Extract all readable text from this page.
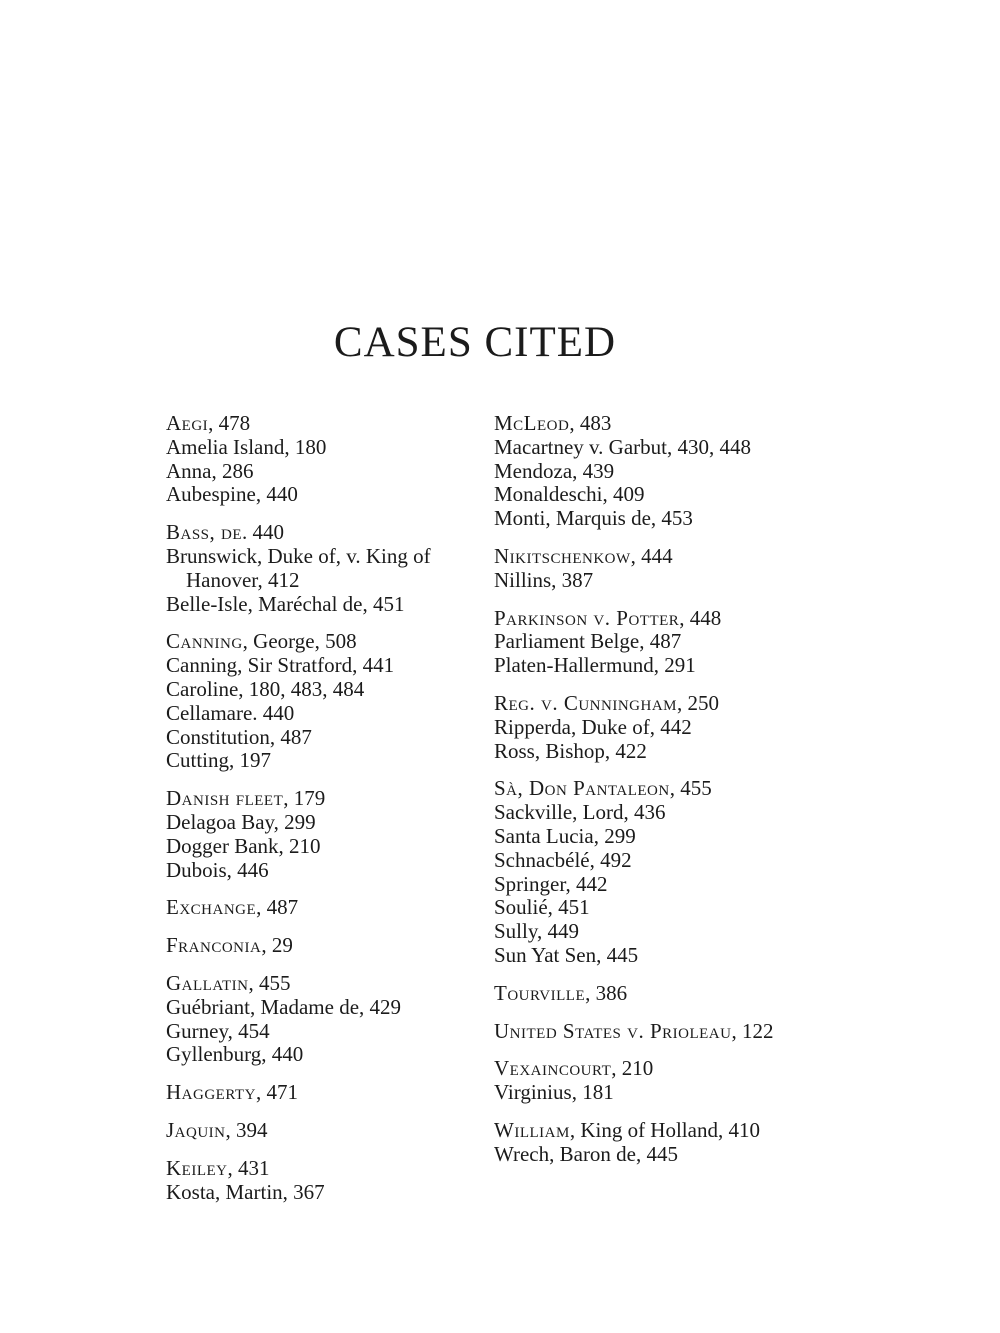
CASES CITED
Aegi, 478
Amelia Island, 180
Anna, 286
Aubespine, 440
Bass, de. 440
Brunswick, Duke of, v. King of Hanover, 412
Belle-Isle, Maréchal de, 451
Canning, George, 508
Canning, Sir Stratford, 441
Caroline, 180, 483, 484
Cellamare. 440
Constitution, 487
Cutting, 197
Danish fleet, 179
Delagoa Bay, 299
Dogger Bank, 210
Dubois, 446
Exchange, 487
Franconia, 29
Gallatin, 455
Guébriant, Madame de, 429
Gurney, 454
Gyllenburg, 440
Haggerty, 471
Jaquin, 394
Keiley, 431
Kosta, Martin, 367
McLeod, 483
Macartney v. Garbut, 430, 448
Mendoza, 439
Monaldeschi, 409
Monti, Marquis de, 453
Nikitschenkow, 444
Nillins, 387
Parkinson v. Potter, 448
Parliament Belge, 487
Platen-Hallermund, 291
Reg. v. Cunningham, 250
Ripperda, Duke of, 442
Ross, Bishop, 422
Sà, Don Pantaleon, 455
Sackville, Lord, 436
Santa Lucia, 299
Schnacbélé, 492
Springer, 442
Soulié, 451
Sully, 449
Sun Yat Sen, 445
Tourville, 386
United States v. Prioleau, 122
Vexaincourt, 210
Virginius, 181
William, King of Holland, 410
Wrech, Baron de, 445
